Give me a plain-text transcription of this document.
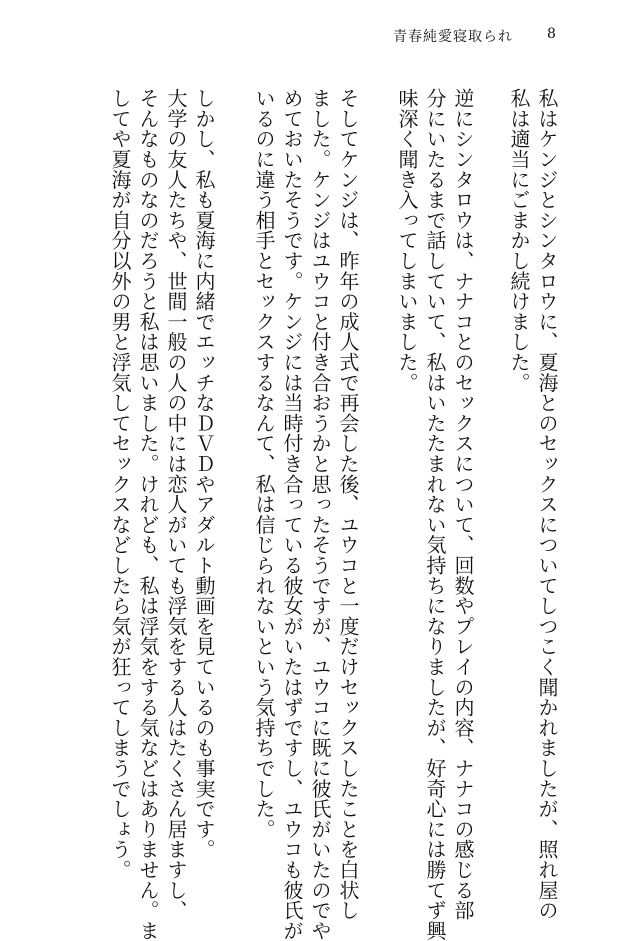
青春純愛寝取られ 8
私はケンジとシンタロウに、夏海とのセックスについてしつこく聞かれましたが、照れ屋の
私は適当にごまかし続けました。
逆にシンタロウは、ナナコとのセックスについて、回数やプレイの内容、ナナコの感じる部
分にいたるまで話していて、私はいたたまれない気持ちになりましたが、好奇心には勝てず興
味深く聞き入ってしまいました。
そしてケンジは、昨年の成人式で再会した後、ユウコと一度だけセックスしたことを白状し
ました。ケンジはユウコと付き合おうかと思ったそうですが、ユウコに既に彼氏がいたのでや
めておいたそうです。ケンジには当時付き合っている彼女がいたはずですし、ユウコも彼氏が
いるのに違う相手とセックスするなんて、私は信じられないという気持ちでした。
しかし、私も夏海に内緒でエッチなＤＶＤやアダルト動画を見ているのも事実です。
大学の友人たちや、世間一般の人の中には恋人がいても浮気をする人はたくさん居ますし、
そんなものなのだろうと私は思いました。けれども、私は浮気をする気などはありません。ま
してや夏海が自分以外の男と浮気してセックスなどしたら気が狂ってしまうでしょう。
